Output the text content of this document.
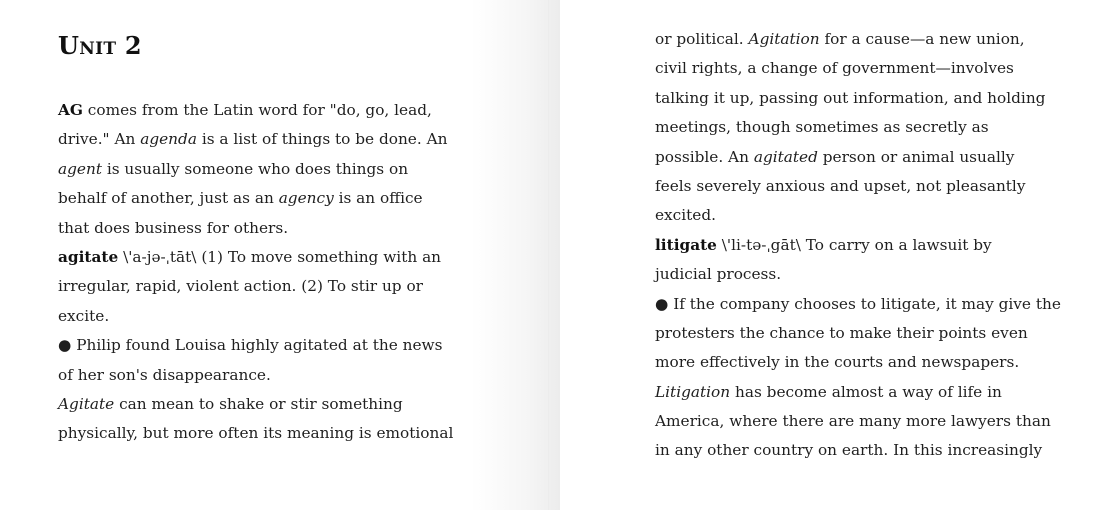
Unit 2
AG comes from the Latin word for "do, go, lead,
drive." An agenda is a list of things to be done. An
agent is usually someone who does things on
behalf of another, just as an agency is an office
that does business for others.
agitate \'a-jə-ˌtāt\ (1) To move something with an
irregular, rapid, violent action. (2) To stir up or
excite.
● Philip found Louisa highly agitated at the news
of her son's disappearance.
Agitate can mean to shake or stir something
physically, but more often its meaning is emotional
or political. Agitation for a cause—a new union,
civil rights, a change of government—involves
talking it up, passing out information, and holding
meetings, though sometimes as secretly as
possible. An agitated person or animal usually
feels severely anxious and upset, not pleasantly
excited.
litigate \'li-tə-ˌgāt\ To carry on a lawsuit by
judicial process.
● If the company chooses to litigate, it may give the
protesters the chance to make their points even
more effectively in the courts and newspapers.
Litigation has become almost a way of life in
America, where there are many more lawyers than
in any other country on earth. In this increasingly
